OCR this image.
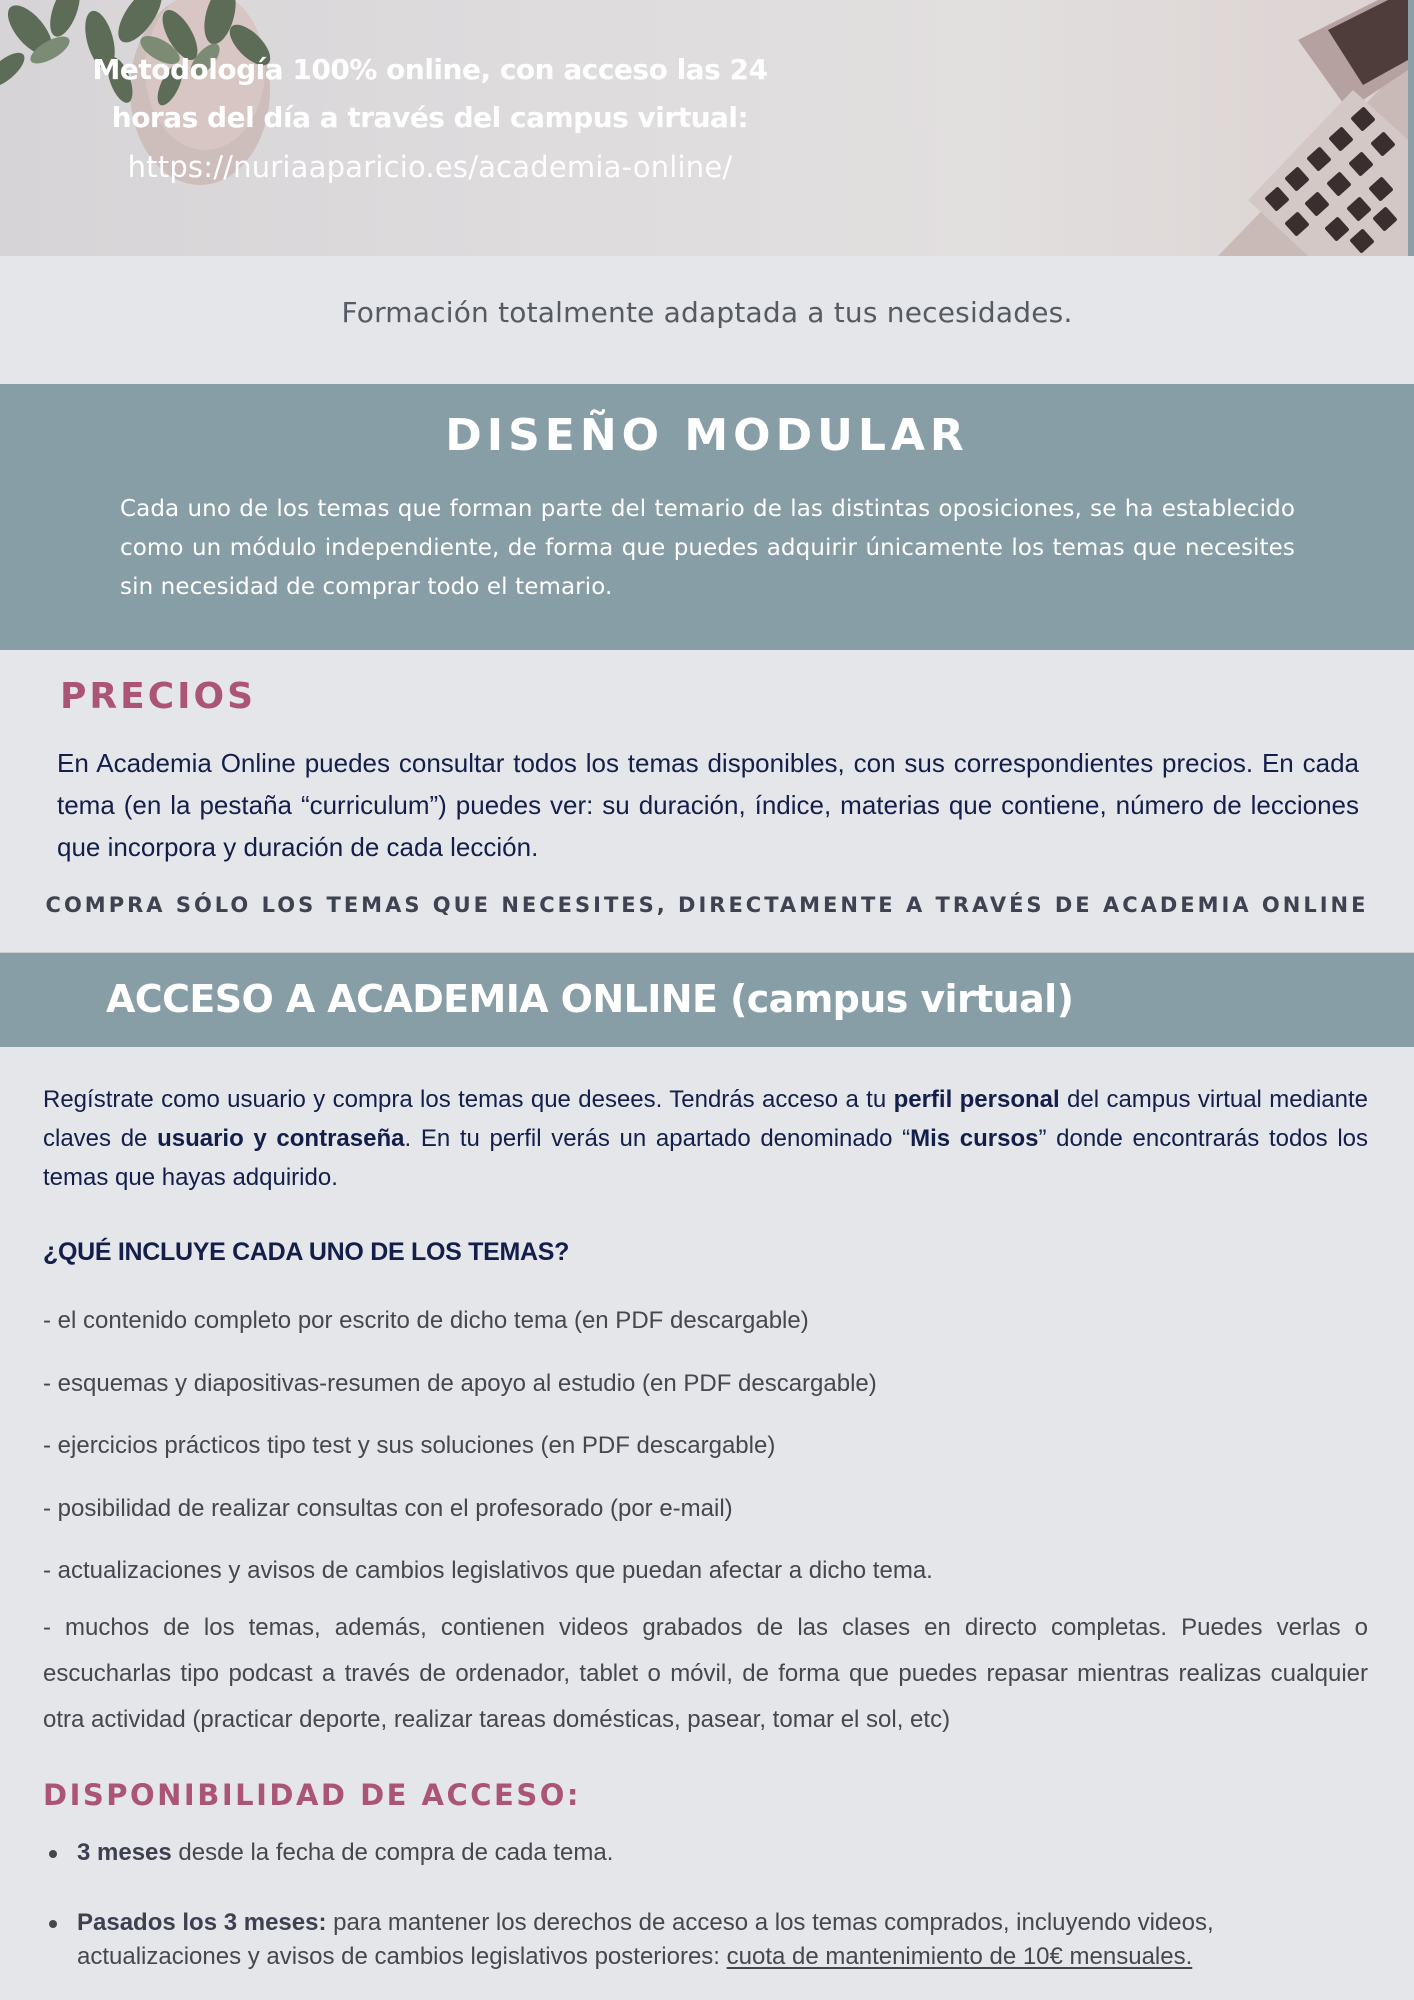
Metodología 100% online, con acceso las 24
horas del día a través del campus virtual:
https://nuriaaparicio.es/academia-online/
Formación totalmente adaptada a tus necesidades.
DISEÑO MODULAR

Cada uno de los temas que forman parte del temario de las distintas oposiciones, se ha establecido como un módulo independiente, de forma que puedes adquirir únicamente los temas que necesites sin necesidad de comprar todo el temario.

PRECIOS

En Academia Online puedes consultar todos los temas disponibles, con sus correspondientes precios. En cada tema (en la pestaña “curriculum”) puedes ver: su duración, índice, materias que contiene, número de lecciones que incorpora y duración de cada lección.

COMPRA SÓLO LOS TEMAS QUE NECESITES, DIRECTAMENTE A TRAVÉS DE ACADEMIA ONLINE
ACCESO A ACADEMIA ONLINE (campus virtual)

Regístrate como usuario y compra los temas que desees. Tendrás acceso a tu perfil personal del campus virtual mediante claves de usuario y contraseña. En tu perfil verás un apartado denominado “Mis cursos” donde encontrarás todos los temas que hayas adquirido.

¿QUÉ INCLUYE CADA UNO DE LOS TEMAS?
- el contenido completo por escrito de dicho tema (en PDF descargable)
- esquemas y diapositivas-resumen de apoyo al estudio (en PDF descargable)
- ejercicios prácticos tipo test y sus soluciones (en PDF descargable)
- posibilidad de realizar consultas con el profesorado (por e-mail)
- actualizaciones y avisos de cambios legislativos que puedan afectar a dicho tema.
- muchos de los temas, además, contienen videos grabados de las clases en directo completas. Puedes verlas o escucharlas tipo podcast a través de ordenador, tablet o móvil, de forma que puedes repasar mientras realizas cualquier otra actividad (practicar deporte, realizar tareas domésticas, pasear, tomar el sol, etc)
DISPONIBILIDAD DE ACCESO:
3 meses desde la fecha de compra de cada tema.
Pasados los 3 meses: para mantener los derechos de acceso a los temas comprados, incluyendo videos, actualizaciones y avisos de cambios legislativos posteriores: cuota de mantenimiento de 10€ mensuales.
